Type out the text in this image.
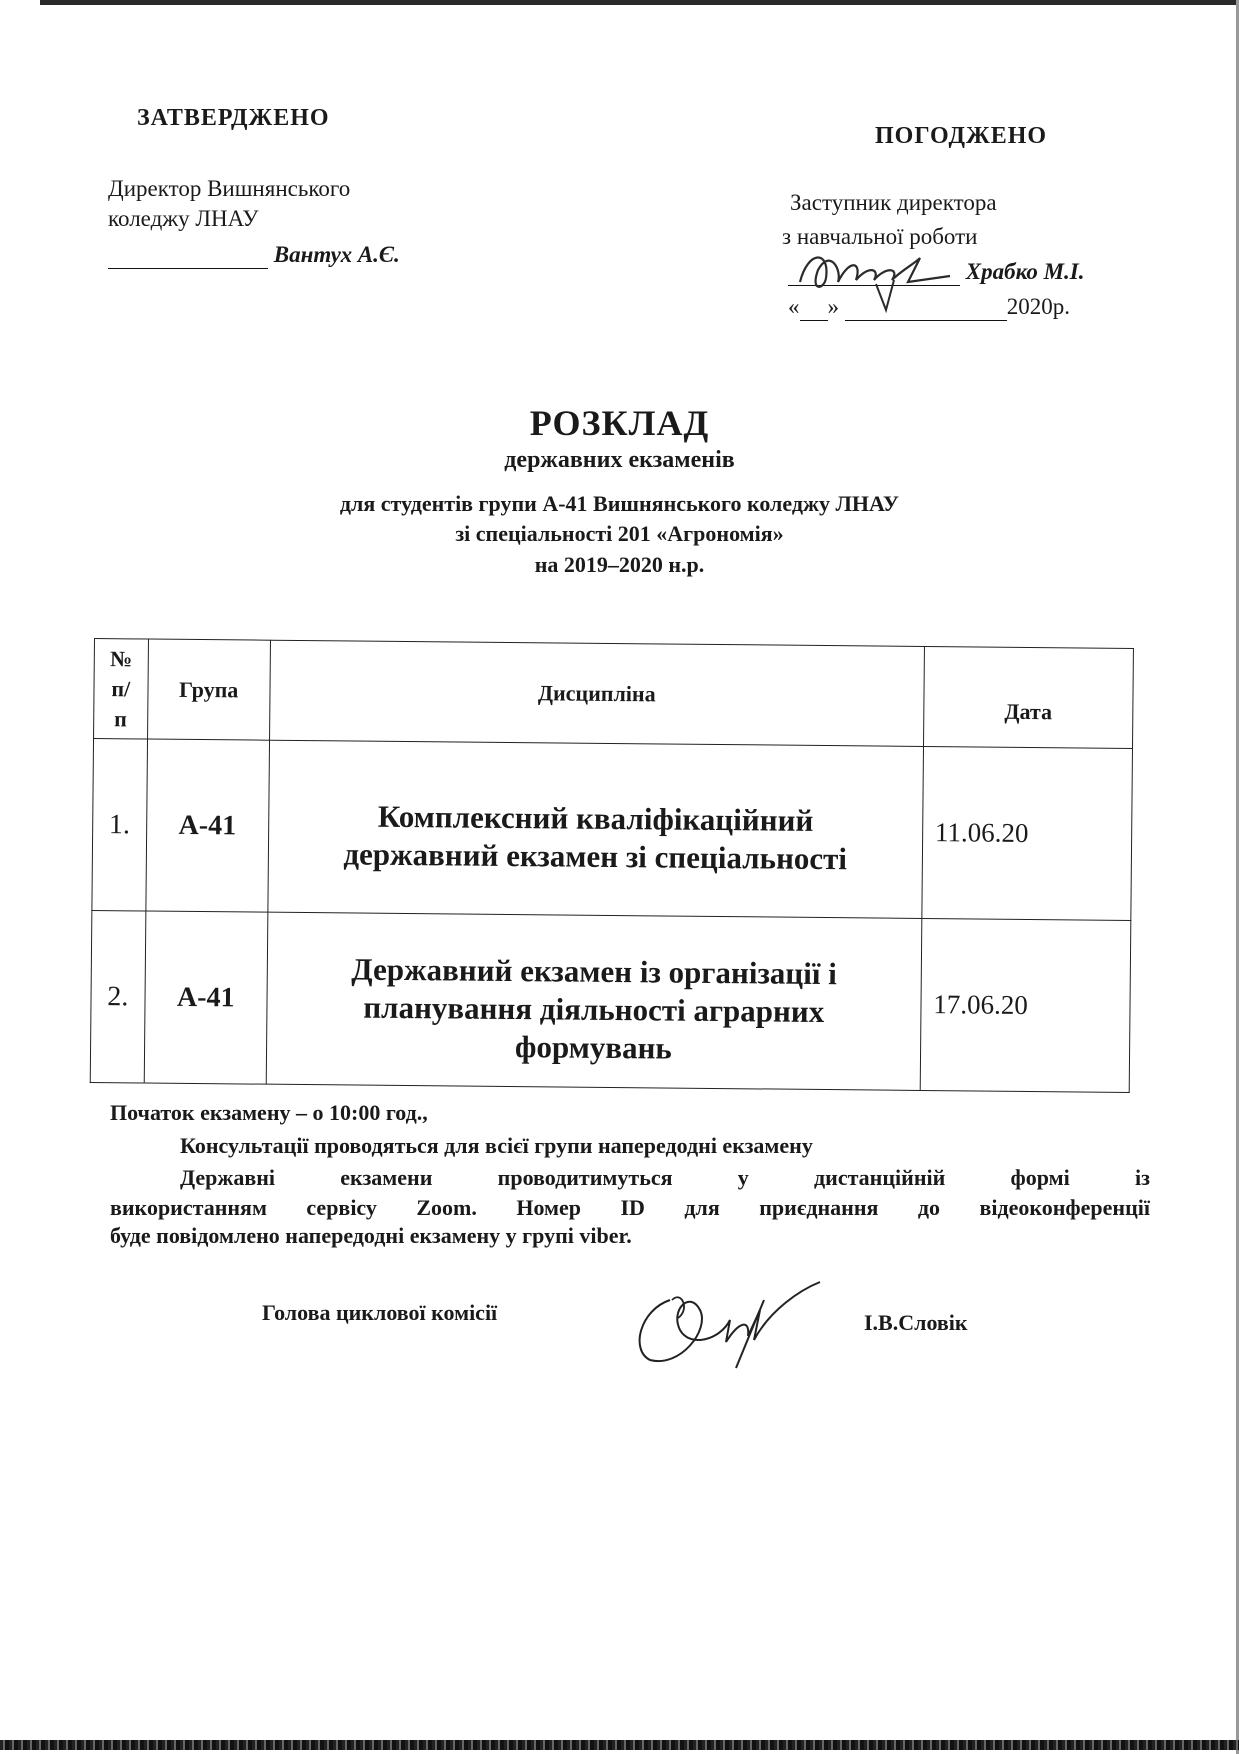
ЗАТВЕРДЖЕНО
Директор Вишнянського
коледжу ЛНАУ
Вантух А.Є.
ПОГОДЖЕНО
Заступник директора
з навчальної роботи
Храбко М.І.
« »	2020р.
РОЗКЛАД
державних екзаменів
для студентів групи А-41 Вишнянського коледжу ЛНАУ
зі спеціальності 201 «Агрономія»
на 2019–2020 н.р.
№
п/
п	Група	Дисципліна	Дата
1.	А-41	Комплексний кваліфікаційний
державний екзамен зі спеціальності	11.06.20
2.	А-41	Державний екзамен із організації і
планування діяльності аграрних
формувань	17.06.20
Початок екзамену – о 10:00 год.,
Консультації проводяться для всієї групи напередодні екзамену
Державні екзамени проводитимуться у дистанційній формі із
використанням сервісу Zoom. Номер ID для приєднання до відеоконференції
буде повідомлено напередодні екзамену у групі viber.
Голова циклової комісії	І.В.Словік
